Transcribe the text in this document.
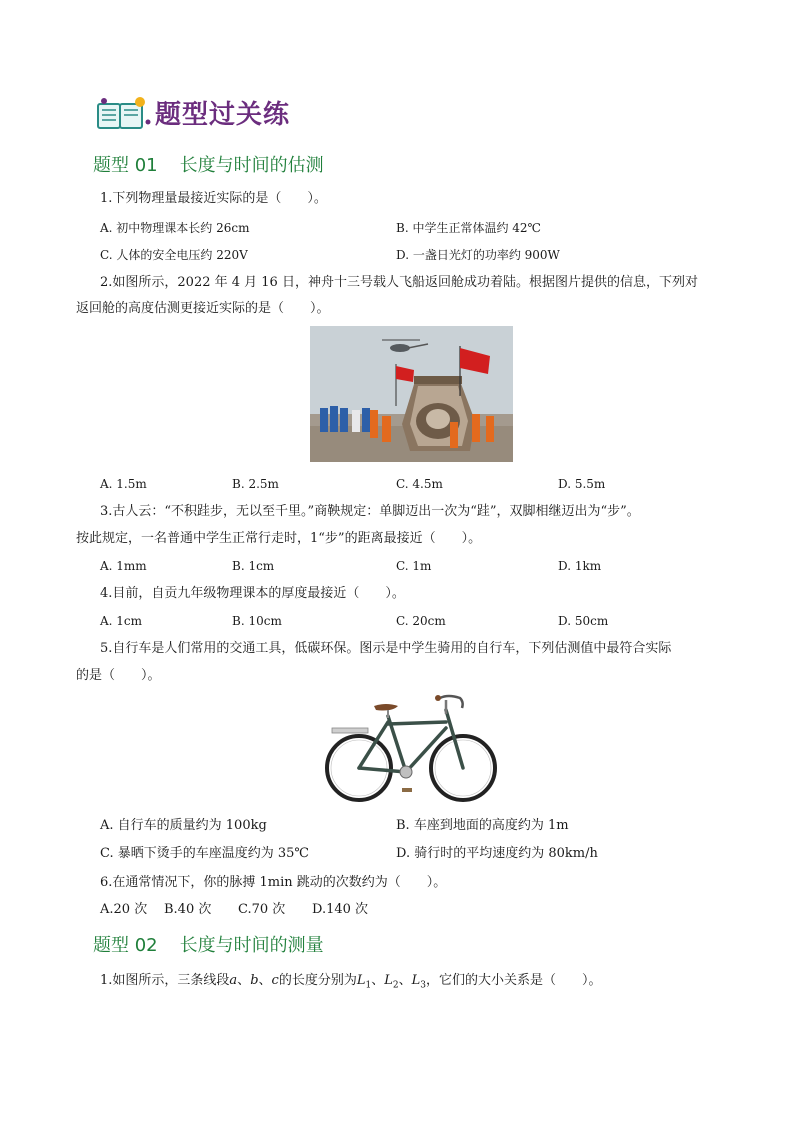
题型过关练
题型 01 长度与时间的估测
1.下列物理量最接近实际的是（　　）。
A. 初中物理课本长约 26cm	B. 中学生正常体温约 42℃
C. 人体的安全电压约 220V	D. 一盏日光灯的功率约 900W
2.如图所示，2022 年 4 月 16 日，神舟十三号载人飞船返回舱成功着陆。根据图片提供的信息，下列对
返回舱的高度估测更接近实际的是（　　）。
A. 1.5m	B. 2.5m	C. 4.5m	D. 5.5m
3.古人云：“不积跬步，无以至千里。”商鞅规定：单脚迈出一次为“跬”，双脚相继迈出为“步”。
按此规定，一名普通中学生正常行走时，1“步”的距离最接近（　　）。
A. 1mm	B. 1cm	C. 1m	D. 1km
4.目前，自贡九年级物理课本的厚度最接近（　　）。
A. 1cm	B. 10cm	C. 20cm	D. 50cm
5.自行车是人们常用的交通工具，低碳环保。图示是中学生骑用的自行车，下列估测值中最符合实际
的是（　　）。
A. 自行车的质量约为 100kg	B. 车座到地面的高度约为 1m
C. 暴晒下烫手的车座温度约为 35℃	D. 骑行时的平均速度约为 80km/h
6.在通常情况下，你的脉搏 1min 跳动的次数约为（　　）。
A.20 次 B.40 次 C.70 次 D.140 次
题型 02 长度与时间的测量
1.如图所示，三条线段a、b、c的长度分别为$L_1$、$L_2$、$L_3$，它们的大小关系是（　　）。
